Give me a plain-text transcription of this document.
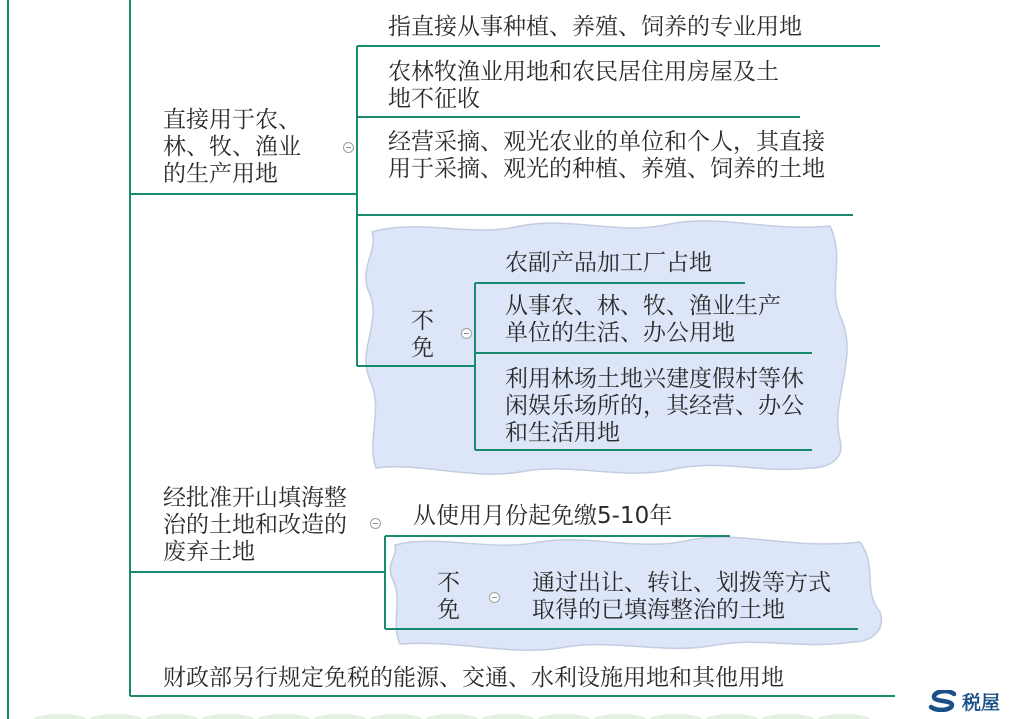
直接用于农、林、牧、渔业的生产用地
指直接从事种植、养殖、饲养的专业用地
农林牧渔业用地和农民居住用房屋及土地不征收
经营采摘、观光农业的单位和个人，其直接用于采摘、观光的种植、养殖、饲养的土地
不免
农副产品加工厂占地
从事农、林、牧、渔业生产单位的生活、办公用地
利用林场土地兴建度假村等休闲娱乐场所的，其经营、办公和生活用地
经批准开山填海整治的土地和改造的废弃土地
从使用月份起免缴5-10年
不免
通过出让、转让、划拨等方式取得的已填海整治的土地
财政部另行规定免税的能源、交通、水利设施用地和其他用地
税屋
